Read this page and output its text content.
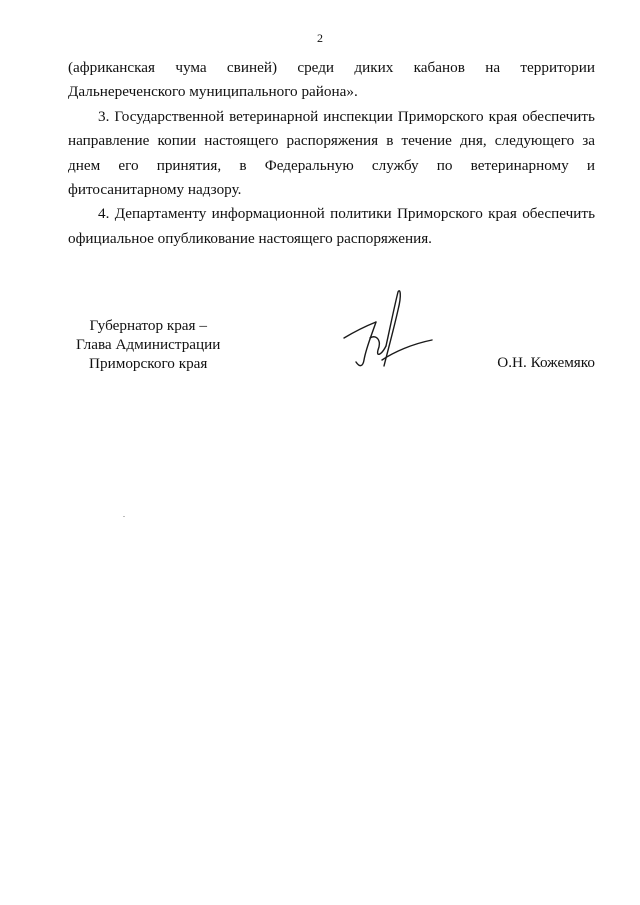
2

(африканская чума свиней) среди диких кабанов на территории Дальнереченского муниципального района».

3. Государственной ветеринарной инспекции Приморского края обеспечить направление копии настоящего распоряжения в течение дня, следующего за днем его принятия, в Федеральную службу по ветеринарному и фитосанитарному надзору.

4. Департаменту информационной политики Приморского края обеспечить официальное опубликование настоящего распоряжения.

Губернатор края –
Глава Администрации
Приморского края	О.Н. Кожемяко
